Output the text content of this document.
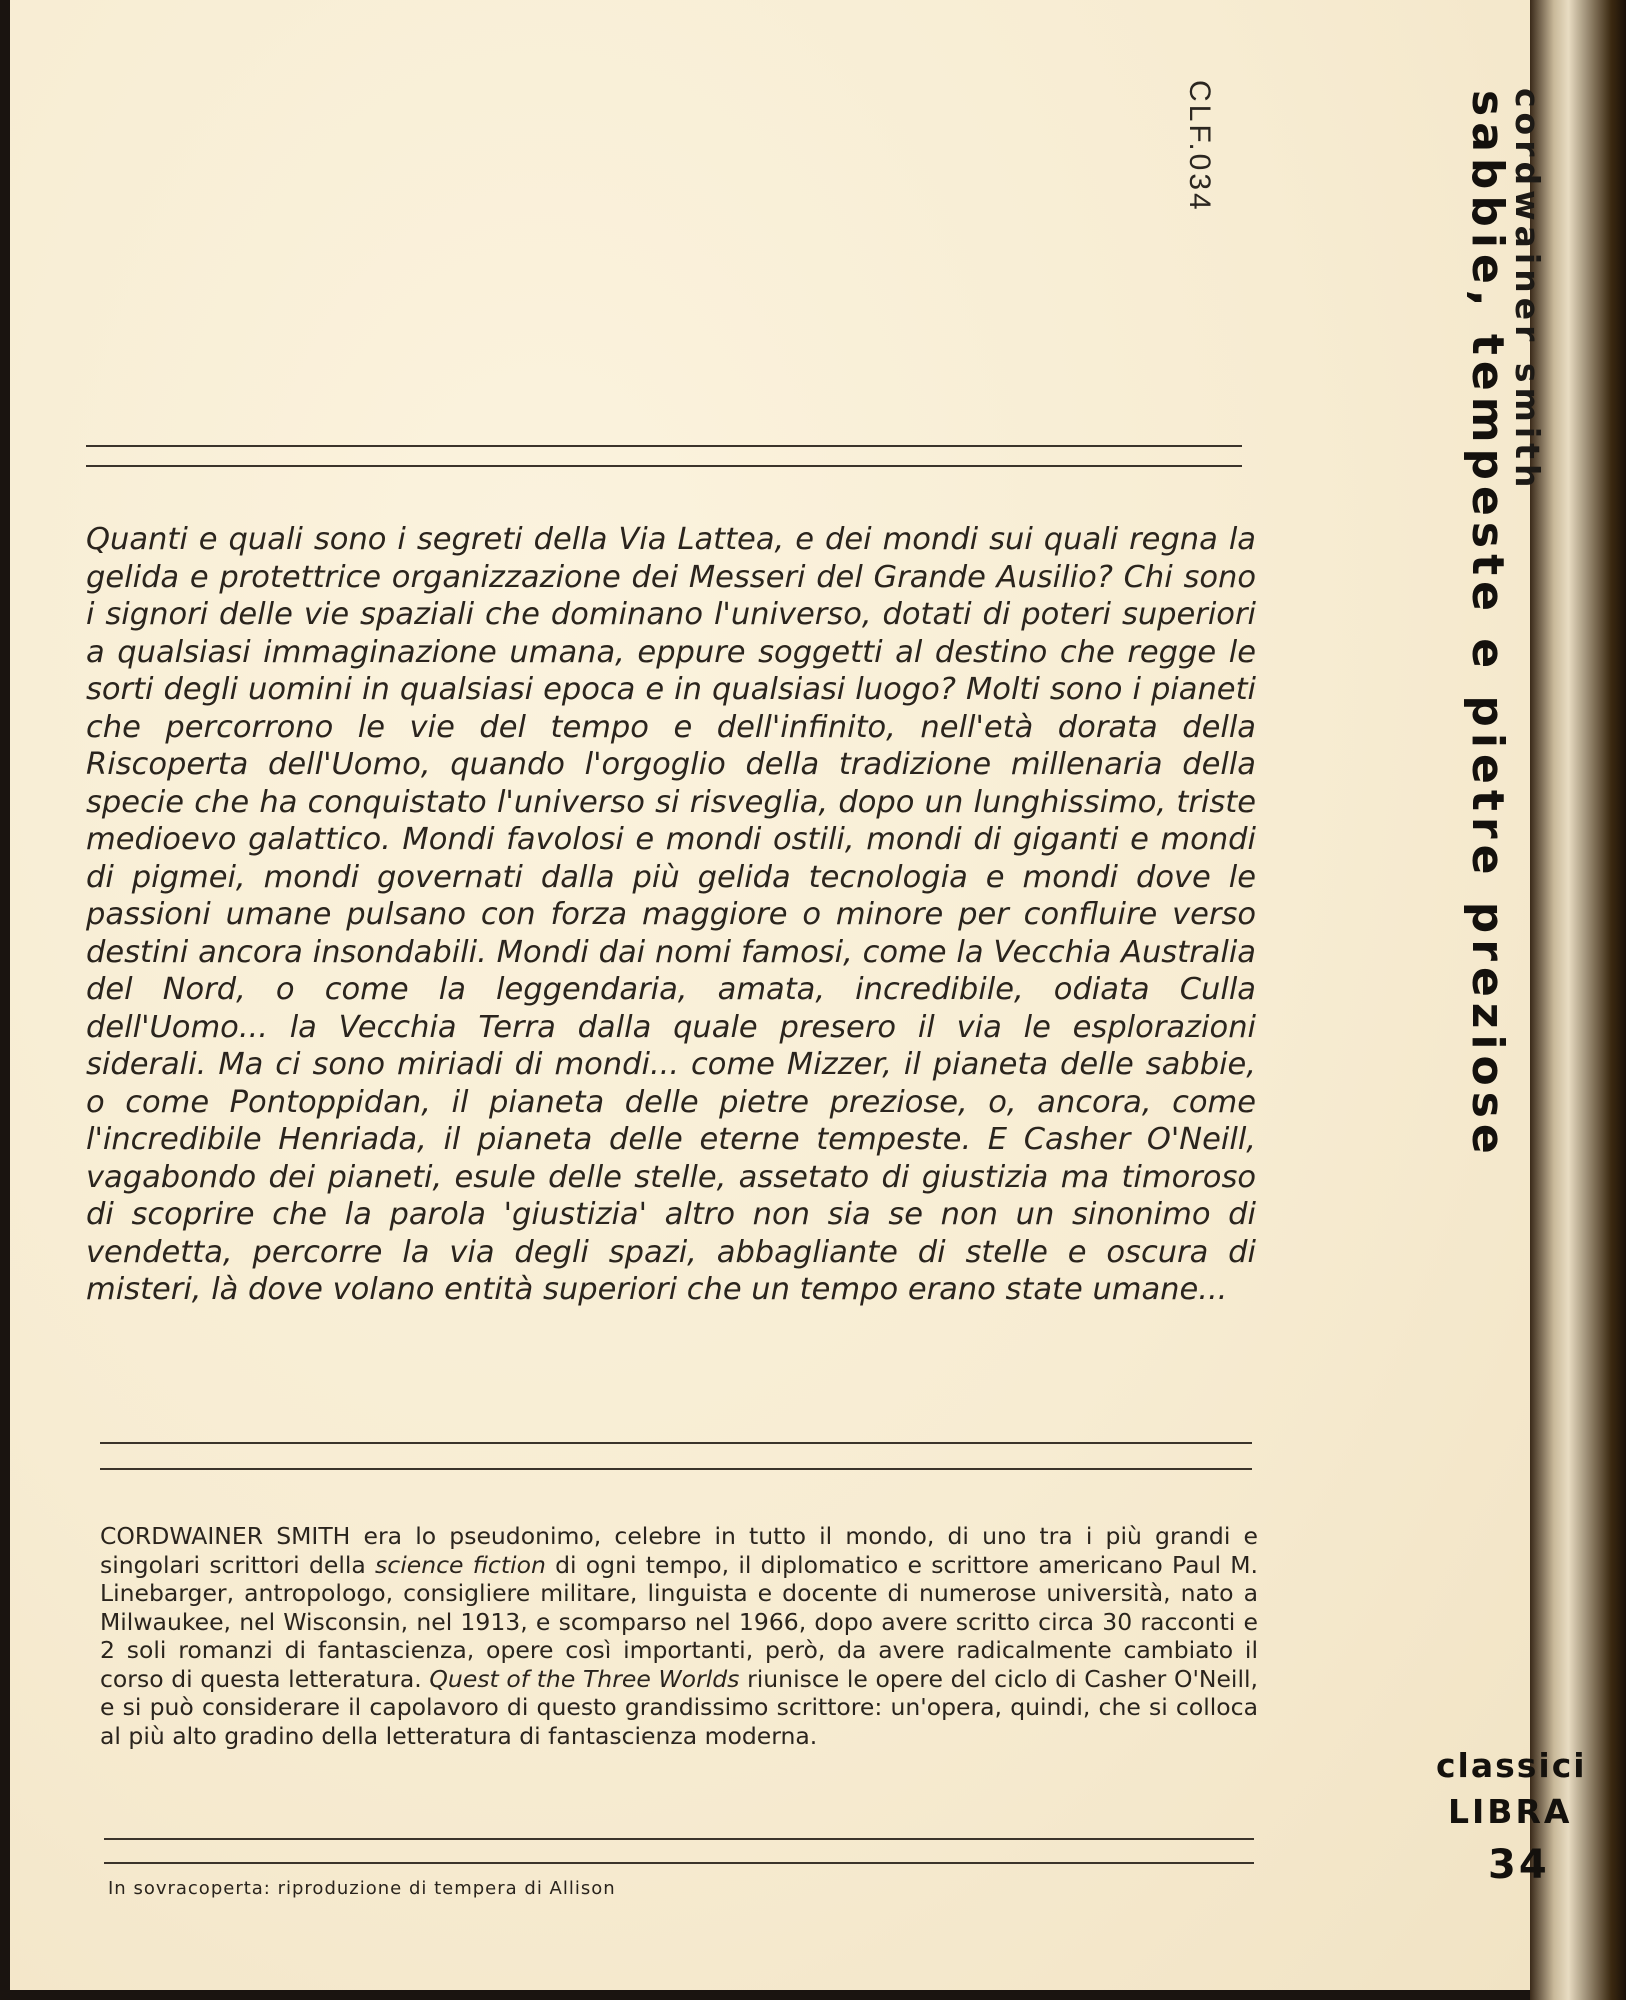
CLF.034	cordwainer smith
sabbie, tempeste e pietre preziose

Quanti e quali sono i segreti della Via Lattea, e dei mondi sui quali regna la gelida e protettrice organizzazione dei Messeri del Grande Ausilio? Chi sono i signori delle vie spaziali che dominano l'universo, dotati di poteri superiori a qualsiasi immaginazione umana, eppure soggetti al destino che regge le sorti degli uomini in qualsiasi epoca e in qualsiasi luogo? Molti sono i pianeti che percorrono le vie del tempo e dell'infinito, nell'età dorata della Riscoperta dell'Uomo, quando l'orgoglio della tradizione millenaria della specie che ha conquistato l'universo si risveglia, dopo un lunghissimo, triste medioevo galattico. Mondi favolosi e mondi ostili, mondi di giganti e mondi di pigmei, mondi governati dalla più gelida tecnologia e mondi dove le passioni umane pulsano con forza maggiore o minore per confluire verso destini ancora insondabili. Mondi dai nomi famosi, come la Vecchia Australia del Nord, o come la leggendaria, amata, incredibile, odiata Culla dell'Uomo... la Vecchia Terra dalla quale presero il via le esplorazioni siderali. Ma ci sono miriadi di mondi... come Mizzer, il pianeta delle sabbie, o come Pontoppidan, il pianeta delle pietre preziose, o, ancora, come l'incredibile Henriada, il pianeta delle eterne tempeste. E Casher O'Neill, vagabondo dei pianeti, esule delle stelle, assetato di giustizia ma timoroso di scoprire che la parola 'giustizia' altro non sia se non un sinonimo di vendetta, percorre la via degli spazi, abbagliante di stelle e oscura di misteri, là dove volano entità superiori che un tempo erano state umane...

CORDWAINER SMITH era lo pseudonimo, celebre in tutto il mondo, di uno tra i più grandi e singolari scrittori della science fiction di ogni tempo, il diplomatico e scrittore americano Paul M. Linebarger, antropologo, consigliere militare, linguista e docente di numerose università, nato a Milwaukee, nel Wisconsin, nel 1913, e scomparso nel 1966, dopo avere scritto circa 30 racconti e 2 soli romanzi di fantascienza, opere così importanti, però, da avere radicalmente cambiato il corso di questa letteratura. Quest of the Three Worlds riunisce le opere del ciclo di Casher O'Neill, e si può considerare il capolavoro di questo grandissimo scrittore: un'opera, quindi, che si colloca al più alto gradino della letteratura di fantascienza moderna.

In sovracoperta: riproduzione di tempera di Allison
classici
LIBRA
34
